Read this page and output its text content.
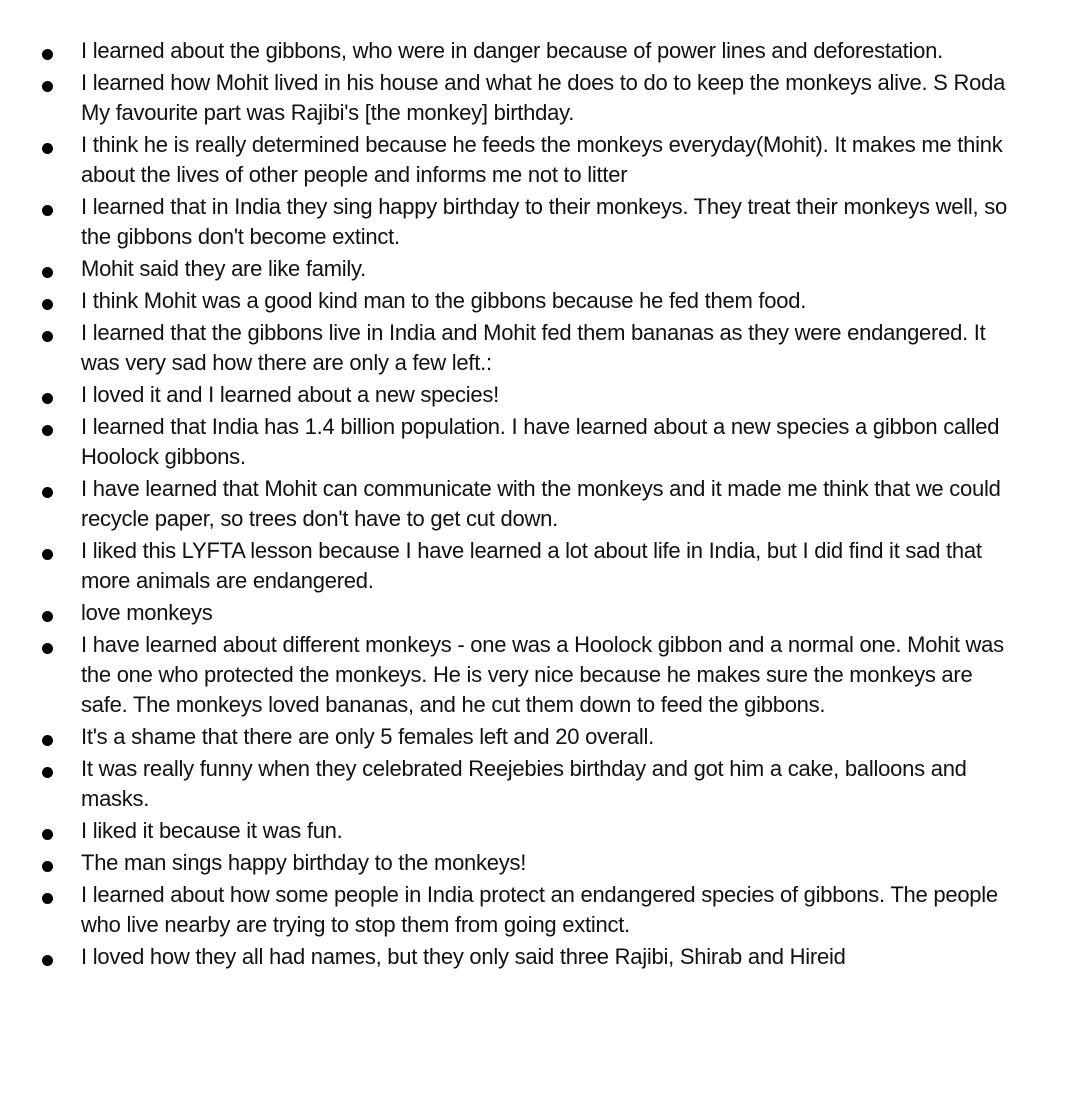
I learned about the gibbons, who were in danger because of power lines and deforestation.
I learned how Mohit lived in his house and what he does to do to keep the monkeys alive. S Roda My favourite part was Rajibi's [the monkey] birthday.
I think he is really determined because he feeds the monkeys everyday(Mohit). It makes me think about the lives of other people and informs me not to litter
I learned that in India they sing happy birthday to their monkeys. They treat their monkeys well, so the gibbons don't become extinct.
Mohit said they are like family.
I think Mohit was a good kind man to the gibbons because he fed them food.
I learned that the gibbons live in India and Mohit fed them bananas as they were endangered. It was very sad how there are only a few left.:
I loved it and I learned about a new species!
I learned that India has 1.4 billion population. I have learned about a new species a gibbon called Hoolock gibbons.
I have learned that Mohit can communicate with the monkeys and it made me think that we could recycle paper, so trees don't have to get cut down.
I liked this LYFTA lesson because I have learned a lot about life in India, but I did find it sad that more animals are endangered.
love monkeys
I have learned about different monkeys - one was a Hoolock gibbon and a normal one. Mohit was the one who protected the monkeys. He is very nice because he makes sure the monkeys are safe. The monkeys loved bananas, and he cut them down to feed the gibbons.
It's a shame that there are only 5 females left and 20 overall.
It was really funny when they celebrated Reejebies birthday and got him a cake, balloons and masks.
I liked it because it was fun.
The man sings happy birthday to the monkeys!
I learned about how some people in India protect an endangered species of gibbons. The people who live nearby are trying to stop them from going extinct.
I loved how they all had names, but they only said three Rajibi, Shirab and Hireid
